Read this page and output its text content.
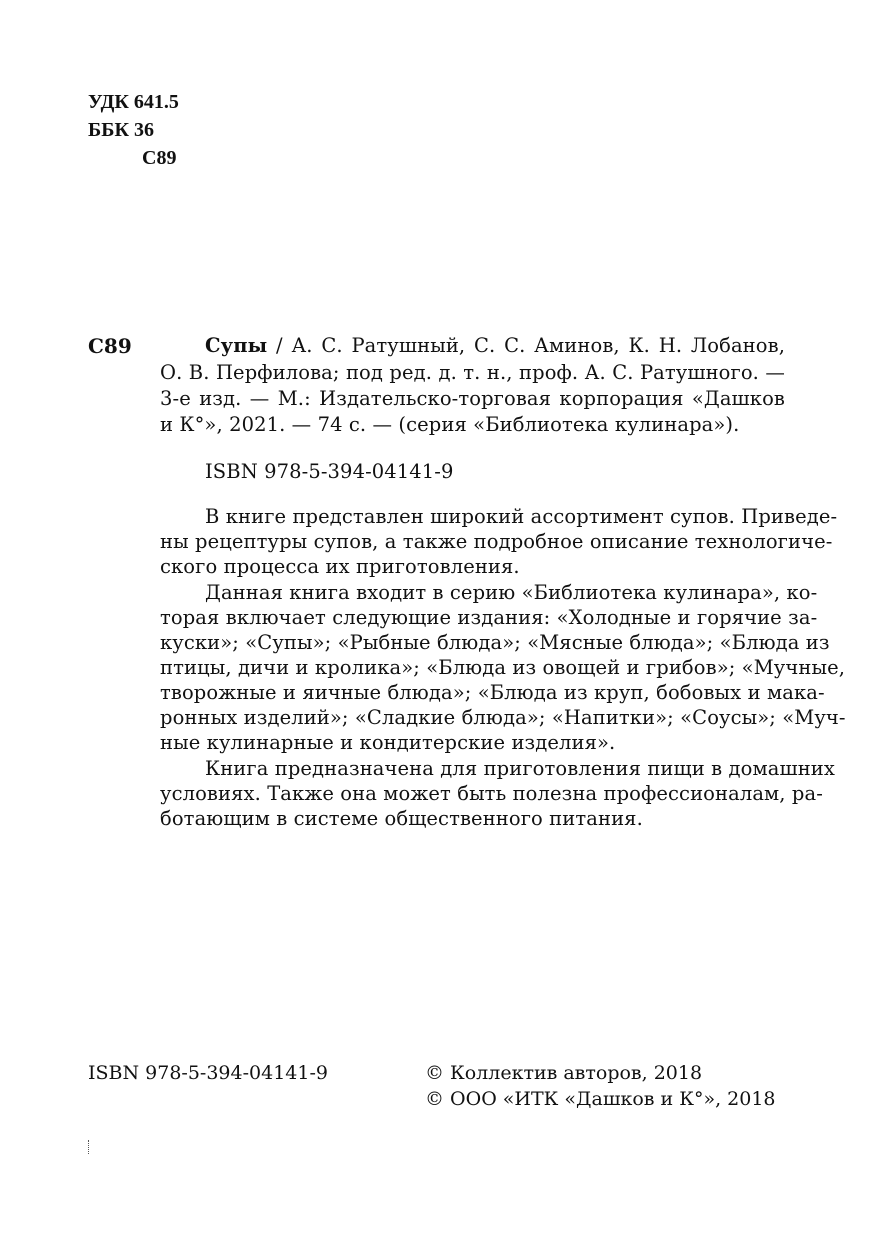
УДК 641.5
ББК 36
С89
С89	Супы / А. С. Ратушный, С. С. Аминов, К. Н. Лобанов,
О. В. Перфилова; под ред. д. т. н., проф. А. С. Ратушного. —
3-е изд. — М.: Издательско-торговая корпорация «Дашков
и К°», 2021. — 74 с. — (серия «Библиотека кулинара»).
ISBN 978-5-394-04141-9
В книге представлен широкий ассортимент супов. Приведе-
ны рецептуры супов, а также подробное описание технологиче-
ского процесса их приготовления.
Данная книга входит в серию «Библиотека кулинара», ко-
торая включает следующие издания: «Холодные и горячие за-
куски»; «Супы»; «Рыбные блюда»; «Мясные блюда»; «Блюда из
птицы, дичи и кролика»; «Блюда из овощей и грибов»; «Мучные,
творожные и яичные блюда»; «Блюда из круп, бобовых и мака-
ронных изделий»; «Сладкие блюда»; «Напитки»; «Соусы»; «Муч-
ные кулинарные и кондитерские изделия».
Книга предназначена для приготовления пищи в домашних
условиях. Также она может быть полезна профессионалам, ра-
ботающим в системе общественного питания.
ISBN 978-5-394-04141-9	© Коллектив авторов, 2018
© ООО «ИТК «Дашков и К°», 2018
